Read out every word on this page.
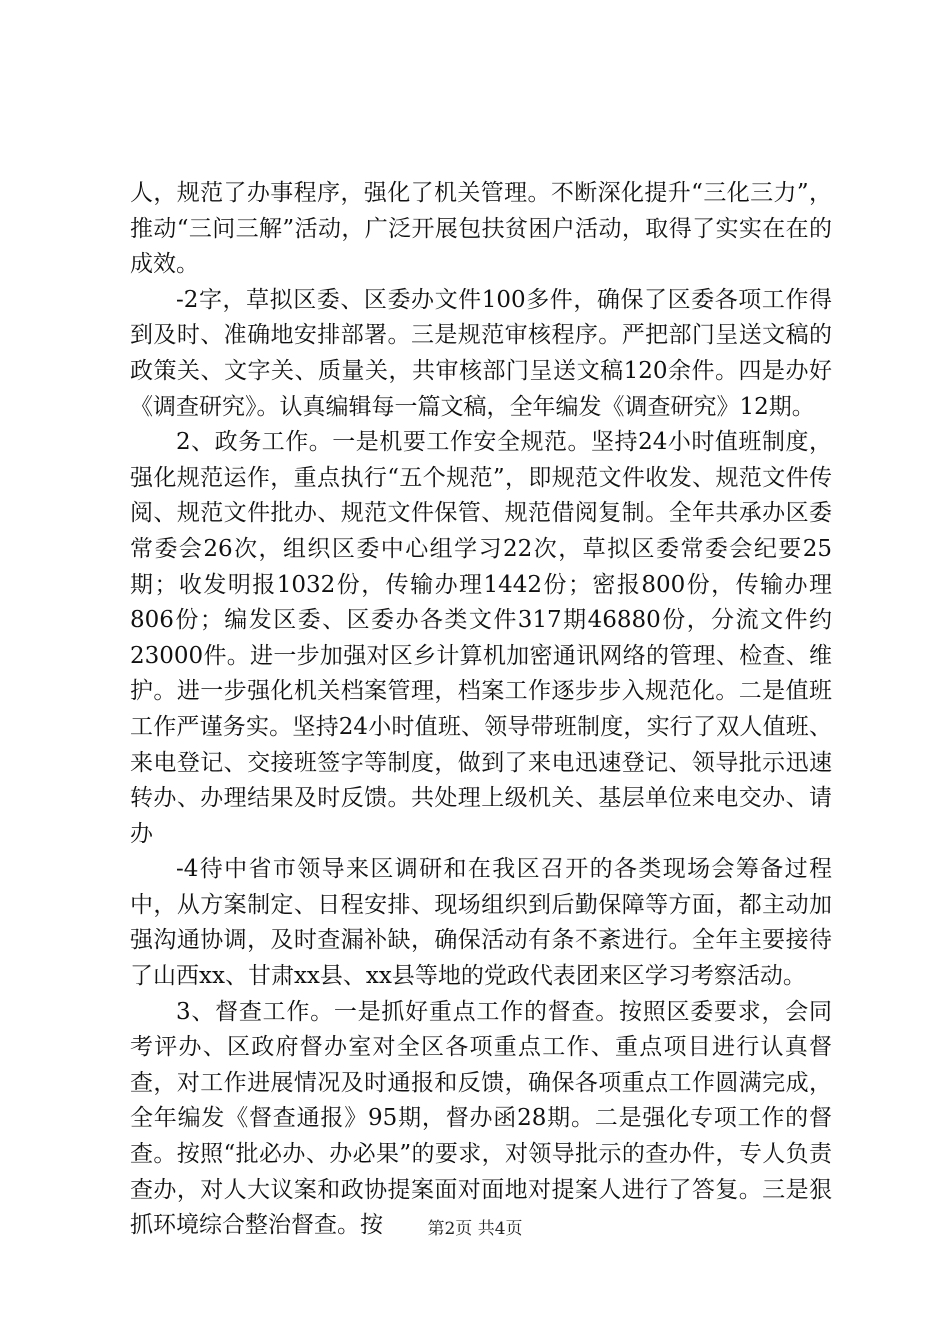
人，规范了办事程序，强化了机关管理。不断深化提升“三化三力”，推动“三问三解”活动，广泛开展包扶贫困户活动，取得了实实在在的成效。

-2字，草拟区委、区委办文件100多件，确保了区委各项工作得到及时、准确地安排部署。三是规范审核程序。严把部门呈送文稿的政策关、文字关、质量关，共审核部门呈送文稿120余件。四是办好《调查研究》。认真编辑每一篇文稿，全年编发《调查研究》12期。

2、政务工作。一是机要工作安全规范。坚持24小时值班制度，强化规范运作，重点执行“五个规范”，即规范文件收发、规范文件传阅、规范文件批办、规范文件保管、规范借阅复制。全年共承办区委常委会26次，组织区委中心组学习22次，草拟区委常委会纪要25期；收发明报1032份，传输办理1442份；密报800份，传输办理806份；编发区委、区委办各类文件317期46880份，分流文件约23000件。进一步加强对区乡计算机加密通讯网络的管理、检查、维护。进一步强化机关档案管理，档案工作逐步步入规范化。二是值班工作严谨务实。坚持24小时值班、领导带班制度，实行了双人值班、来电登记、交接班签字等制度，做到了来电迅速登记、领导批示迅速转办、办理结果及时反馈。共处理上级机关、基层单位来电交办、请办

-4待中省市领导来区调研和在我区召开的各类现场会筹备过程中，从方案制定、日程安排、现场组织到后勤保障等方面，都主动加强沟通协调，及时查漏补缺，确保活动有条不紊进行。全年主要接待了山西xx、甘肃xx县、xx县等地的党政代表团来区学习考察活动。

3、督查工作。一是抓好重点工作的督查。按照区委要求，会同考评办、区政府督办室对全区各项重点工作、重点项目进行认真督查，对工作进展情况及时通报和反馈，确保各项重点工作圆满完成，全年编发《督查通报》95期，督办函28期。二是强化专项工作的督查。按照“批必办、办必果”的要求，对领导批示的查办件，专人负责查办，对人大议案和政协提案面对面地对提案人进行了答复。三是狠抓环境综合整治督查。按	第2页 共4页
